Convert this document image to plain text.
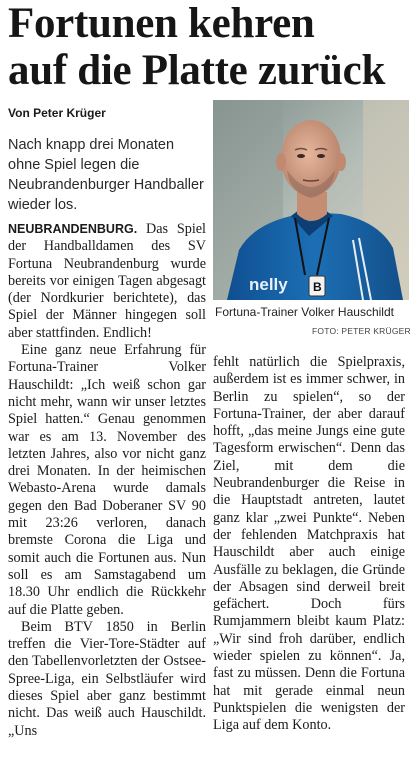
Fortunen kehren
auf die Platte zurück
Von Peter Krüger
Nach knapp drei Monaten ohne Spiel legen die Neubrandenburger Handballer wieder los.
B
nelly
Fortuna-Trainer Volker Hauschildt
FOTO: PETER KRÜGER

NEUBRANDENBURG. Das Spiel der Handballdamen des SV Fortuna Neubrandenburg wurde bereits vor einigen Tagen abgesagt (der Nordkurier berichtete), das Spiel der Männer hingegen soll aber stattfinden. Endlich!

Eine ganz neue Erfahrung für Fortuna-Trainer Volker Hauschildt: „Ich weiß schon gar nicht mehr, wann wir unser letztes Spiel hatten.“ Genau genommen war es am 13. November des letzten Jahres, also vor nicht ganz drei Monaten. In der heimischen Webasto-Arena wurde damals gegen den Bad Doberaner SV 90 mit 23:26 verloren, danach bremste Corona die Liga und somit auch die Fortunen aus. Nun soll es am Samstagabend um 18.30 Uhr endlich die Rückkehr auf die Platte geben.

Beim BTV 1850 in Berlin treffen die Vier-Tore-Städter auf den Tabellenvorletzten der Ostsee-Spree-Liga, ein Selbstläufer wird dieses Spiel aber ganz bestimmt nicht. Das weiß auch Hauschildt. „Uns

fehlt natürlich die Spielpraxis, außerdem ist es immer schwer, in Berlin zu spielen“, so der Fortuna-Trainer, der aber darauf hofft, „das meine Jungs eine gute Tagesform erwischen“. Denn das Ziel, mit dem die Neubrandenburger die Reise in die Hauptstadt antreten, lautet ganz klar „zwei Punkte“. Neben der fehlenden Matchpraxis hat Hauschildt aber auch einige Ausfälle zu beklagen, die Gründe der Absagen sind derweil breit gefächert. Doch fürs Rumjammern bleibt kaum Platz: „Wir sind froh darüber, endlich wieder spielen zu können“. Ja, fast zu müssen. Denn die Fortuna hat mit gerade einmal neun Punktspielen die wenigsten der Liga auf dem Konto.
